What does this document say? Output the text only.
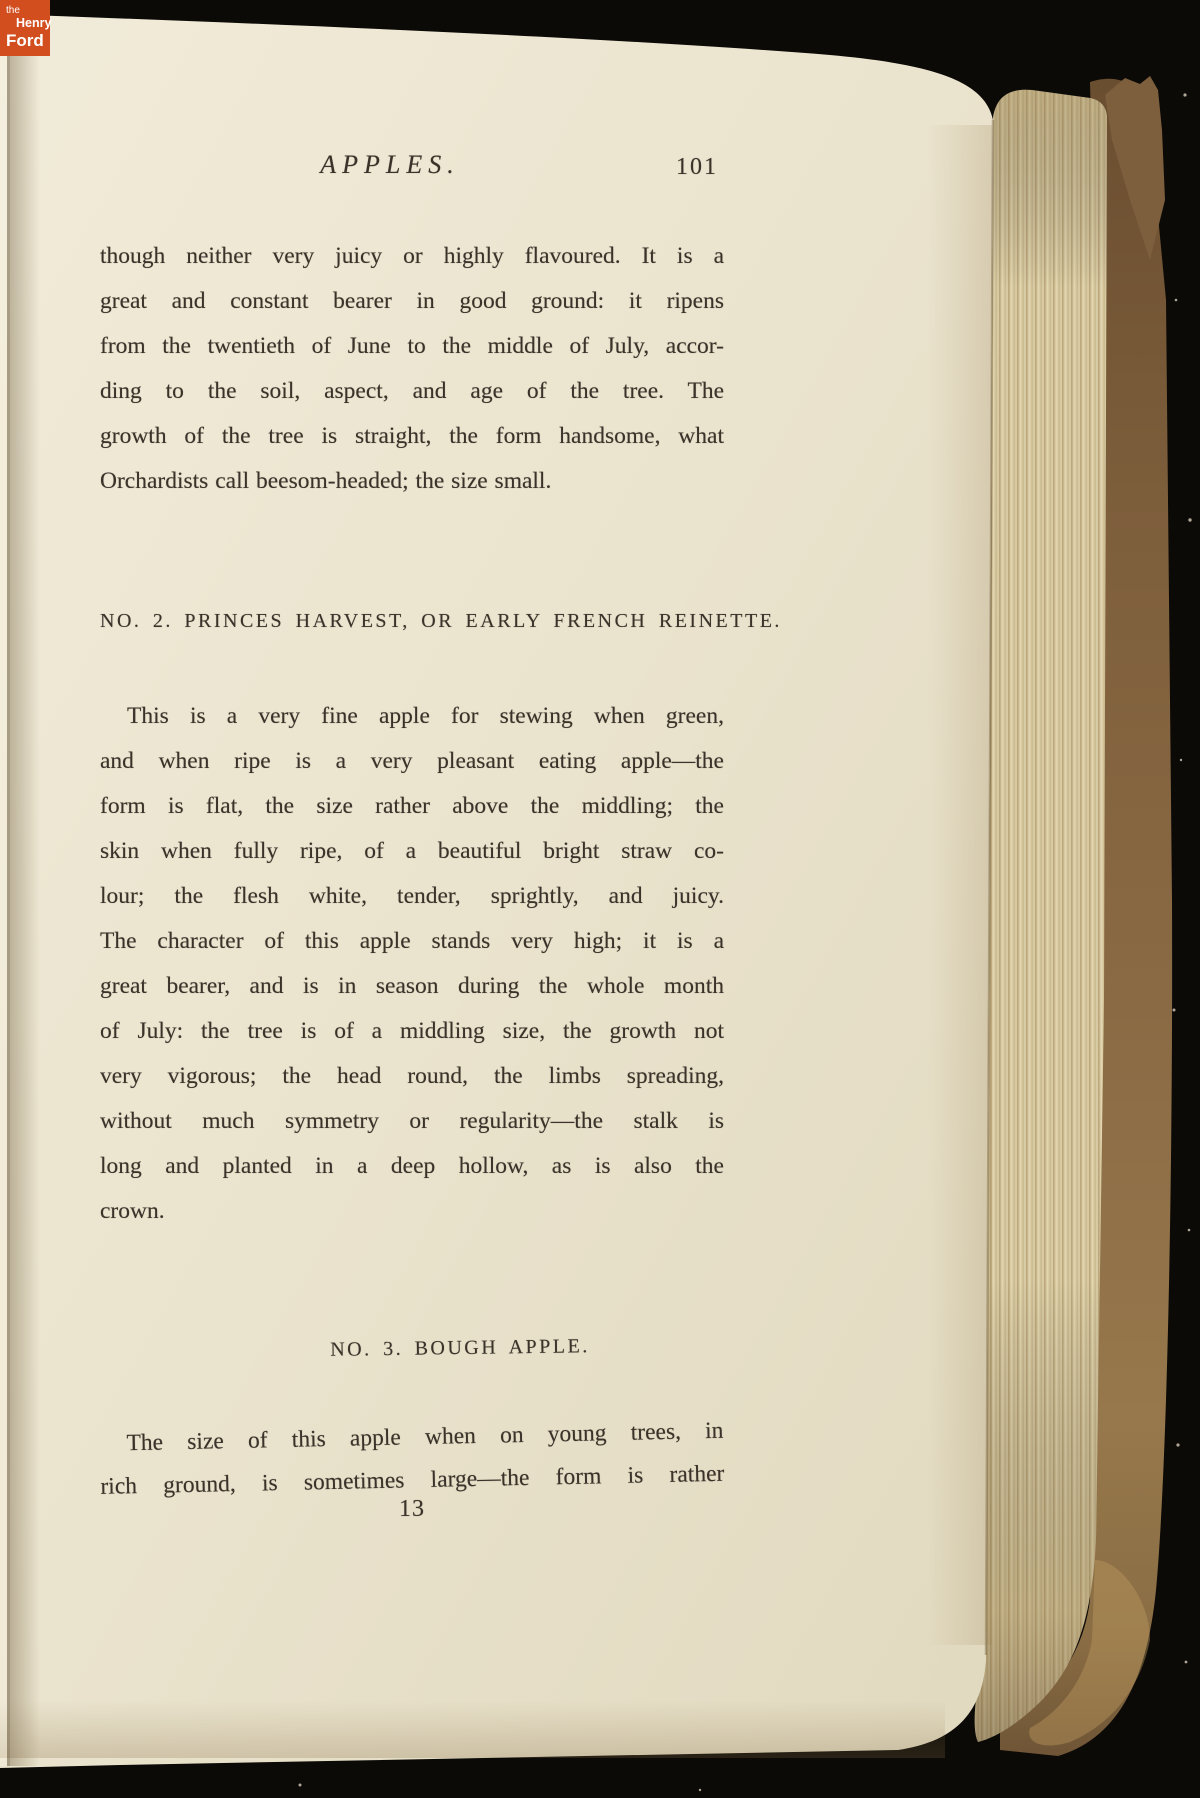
the
Henry
Ford
APPLES.	101
though neither very juicy or highly flavoured. It is a
great and constant bearer in good ground: it ripens
from the twentieth of June to the middle of July, accor-
ding to the soil, aspect, and age of the tree. The
growth of the tree is straight, the form handsome, what
Orchardists call beesom-headed; the size small.
NO. 2. PRINCES HARVEST, OR EARLY FRENCH REINETTE.
This is a very fine apple for stewing when green,
and when ripe is a very pleasant eating apple—the
form is flat, the size rather above the middling; the
skin when fully ripe, of a beautiful bright straw co-
lour; the flesh white, tender, sprightly, and juicy.
The character of this apple stands very high; it is a
great bearer, and is in season during the whole month
of July: the tree is of a middling size, the growth not
very vigorous; the head round, the limbs spreading,
without much symmetry or regularity—the stalk is
long and planted in a deep hollow, as is also the
crown.
NO. 3. BOUGH APPLE.
The size of this apple when on young trees, in
rich ground, is sometimes large—the form is rather
13
